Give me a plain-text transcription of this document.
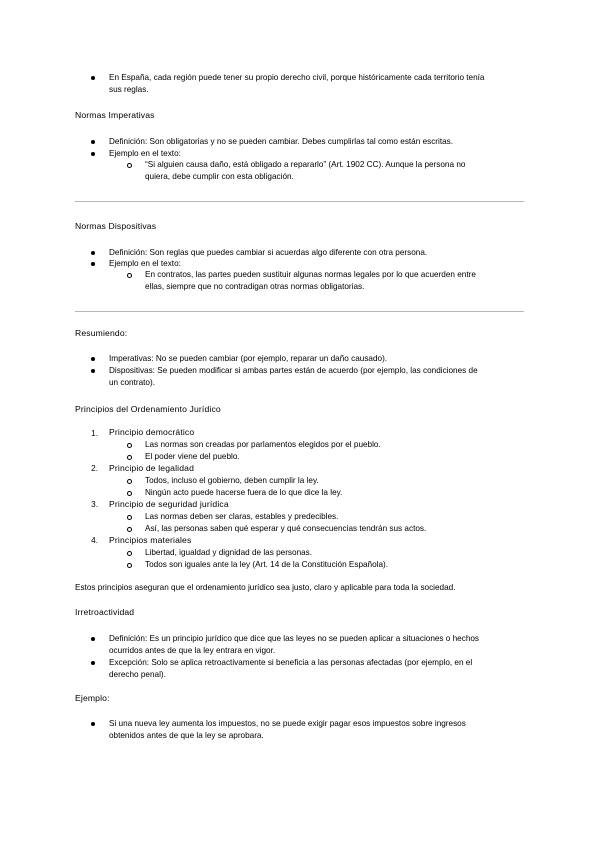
En España, cada región puede tener su propio derecho civil, porque históricamente cada territorio tenía
sus reglas.
Normas Imperativas
Definición: Son obligatorias y no se pueden cambiar. Debes cumplirlas tal como están escritas.
Ejemplo en el texto:
“Si alguien causa daño, está obligado a repararlo” (Art. 1902 CC). Aunque la persona no
quiera, debe cumplir con esta obligación.
Normas Dispositivas
Definición: Son reglas que puedes cambiar si acuerdas algo diferente con otra persona.
Ejemplo en el texto:
En contratos, las partes pueden sustituir algunas normas legales por lo que acuerden entre
ellas, siempre que no contradigan otras normas obligatorias.
Resumiendo:
Imperativas: No se pueden cambiar (por ejemplo, reparar un daño causado).
Dispositivas: Se pueden modificar si ambas partes están de acuerdo (por ejemplo, las condiciones de
un contrato).
Principios del Ordenamiento Jurídico
1. Principio democrático
Las normas son creadas por parlamentos elegidos por el pueblo.
El poder viene del pueblo.
2. Principio de legalidad
Todos, incluso el gobierno, deben cumplir la ley.
Ningún acto puede hacerse fuera de lo que dice la ley.
3. Principio de seguridad jurídica
Las normas deben ser claras, estables y predecibles.
Así, las personas saben qué esperar y qué consecuencias tendrán sus actos.
4. Principios materiales
Libertad, igualdad y dignidad de las personas.
Todos son iguales ante la ley (Art. 14 de la Constitución Española).
Estos principios aseguran que el ordenamiento jurídico sea justo, claro y aplicable para toda la sociedad.
Irretroactividad
Definición: Es un principio jurídico que dice que las leyes no se pueden aplicar a situaciones o hechos
ocurridos antes de que la ley entrara en vigor.
Excepción: Solo se aplica retroactivamente si beneficia a las personas afectadas (por ejemplo, en el
derecho penal).
Ejemplo:
Si una nueva ley aumenta los impuestos, no se puede exigir pagar esos impuestos sobre ingresos
obtenidos antes de que la ley se aprobara.
